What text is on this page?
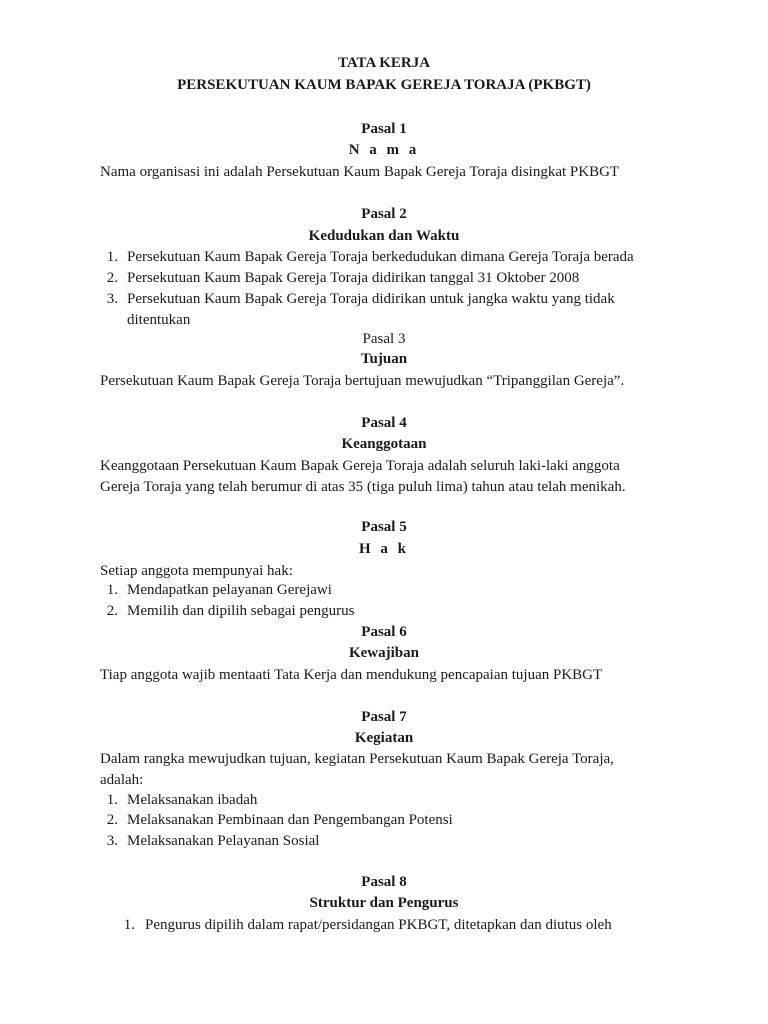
TATA KERJA

PERSEKUTUAN KAUM BAPAK GEREJA TORAJA (PKBGT)

Pasal 1

N a m a

Nama organisasi ini adalah Persekutuan Kaum Bapak Gereja Toraja disingkat PKBGT

Pasal 2

Kedudukan dan Waktu

1. Persekutuan Kaum Bapak Gereja Toraja berkedudukan dimana Gereja Toraja berada
2. Persekutuan Kaum Bapak Gereja Toraja didirikan tanggal 31 Oktober 2008
3. Persekutuan Kaum Bapak Gereja Toraja didirikan untuk jangka waktu yang tidak
ditentukan

Pasal 3

Tujuan

Persekutuan Kaum Bapak Gereja Toraja bertujuan mewujudkan “Tripanggilan Gereja”.

Pasal 4

Keanggotaan

Keanggotaan Persekutuan Kaum Bapak Gereja Toraja adalah seluruh laki-laki anggota

Gereja Toraja yang telah berumur di atas 35 (tiga puluh lima) tahun atau telah menikah.

Pasal 5

H a k

Setiap anggota mempunyai hak:

1. Mendapatkan pelayanan Gerejawi
2. Memilih dan dipilih sebagai pengurus

Pasal 6

Kewajiban

Tiap anggota wajib mentaati Tata Kerja dan mendukung pencapaian tujuan PKBGT

Pasal 7

Kegiatan

Dalam rangka mewujudkan tujuan, kegiatan Persekutuan Kaum Bapak Gereja Toraja,

adalah:

1. Melaksanakan ibadah
2. Melaksanakan Pembinaan dan Pengembangan Potensi
3. Melaksanakan Pelayanan Sosial

Pasal 8

Struktur dan Pengurus

1. Pengurus dipilih dalam rapat/persidangan PKBGT, ditetapkan dan diutus oleh
